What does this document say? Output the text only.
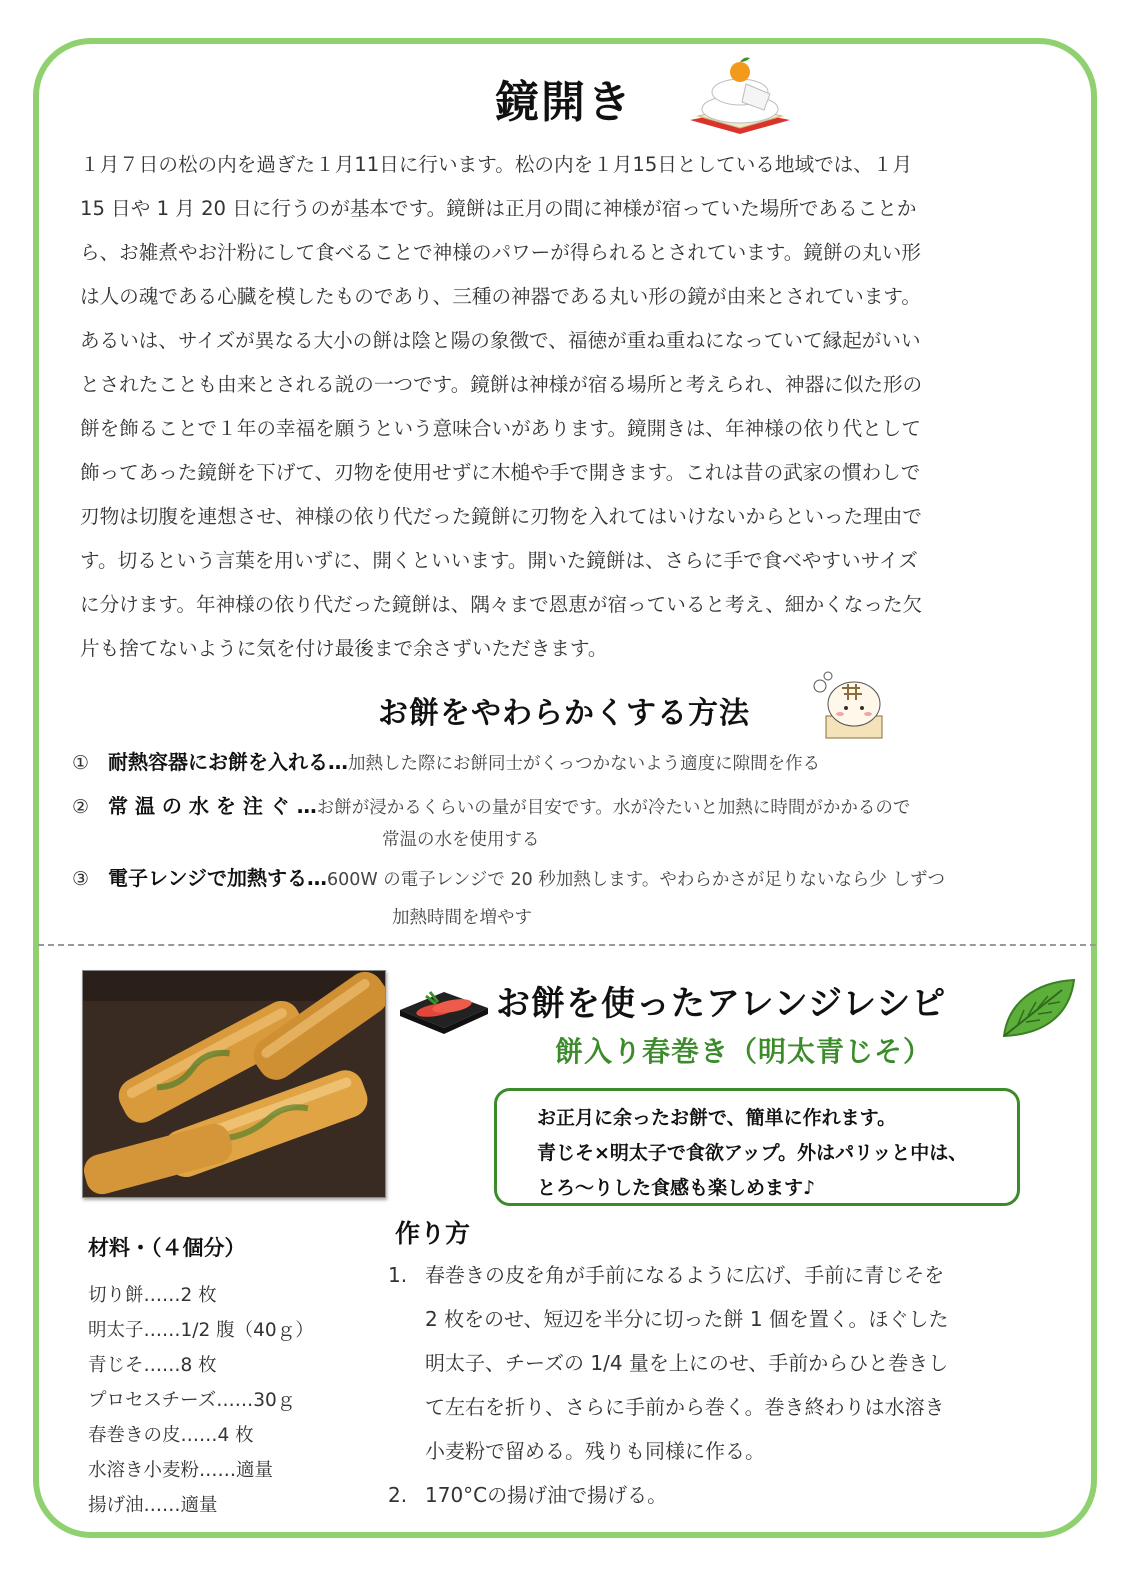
鏡開き
１月７日の松の内を過ぎた１月11日に行います。松の内を１月15日としている地域では、１月
15 日や 1 月 20 日に行うのが基本です。鏡餅は正月の間に神様が宿っていた場所であることか
ら、お雑煮やお汁粉にして食べることで神様のパワーが得られるとされています。鏡餅の丸い形
は人の魂である心臓を模したものであり、三種の神器である丸い形の鏡が由来とされています。
あるいは、サイズが異なる大小の餅は陰と陽の象徴で、福徳が重ね重ねになっていて縁起がいい
とされたことも由来とされる説の一つです。鏡餅は神様が宿る場所と考えられ、神器に似た形の
餅を飾ることで１年の幸福を願うという意味合いがあります。鏡開きは、年神様の依り代として
飾ってあった鏡餅を下げて、刃物を使用せずに木槌や手で開きます。これは昔の武家の慣わしで
刃物は切腹を連想させ、神様の依り代だった鏡餅に刃物を入れてはいけないからといった理由で
す。切るという言葉を用いずに、開くといいます。開いた鏡餅は、さらに手で食べやすいサイズ
に分けます。年神様の依り代だった鏡餅は、隅々まで恩恵が宿っていると考え、細かくなった欠
片も捨てないように気を付け最後まで余さずいただきます。
お餅をやわらかくする方法
① 耐熱容器にお餅を入れる…加熱した際にお餅同士がくっつかないよう適度に隙間を作る
② 常 温 の 水 を 注 ぐ …お餅が浸かるくらいの量が目安です。水が冷たいと加熱に時間がかかるので
常温の水を使用する
③ 電子レンジで加熱する…600W の電子レンジで 20 秒加熱します。やわらかさが足りないなら少 しずつ
加熱時間を増やす
お餅を使ったアレンジレシピ
餅入り春巻き（明太青じそ）
お正月に余ったお餅で、簡単に作れます。
青じそ×明太子で食欲アップ。外はパリッと中は、
とろ～りした食感も楽しめます♪
材料・（４個分）
切り餅……2 枚
明太子……1/2 腹（40ｇ）
青じそ……8 枚
プロセスチーズ……30ｇ
春巻きの皮……4 枚
水溶き小麦粉……適量
揚げ油……適量
作り方
1. 春巻きの皮を角が手前になるように広げ、手前に青じそを
2 枚をのせ、短辺を半分に切った餅 1 個を置く。ほぐした
明太子、チーズの 1/4 量を上にのせ、手前からひと巻きし
て左右を折り、さらに手前から巻く。巻き終わりは水溶き
小麦粉で留める。残りも同様に作る。
2. 170°Cの揚げ油で揚げる。
